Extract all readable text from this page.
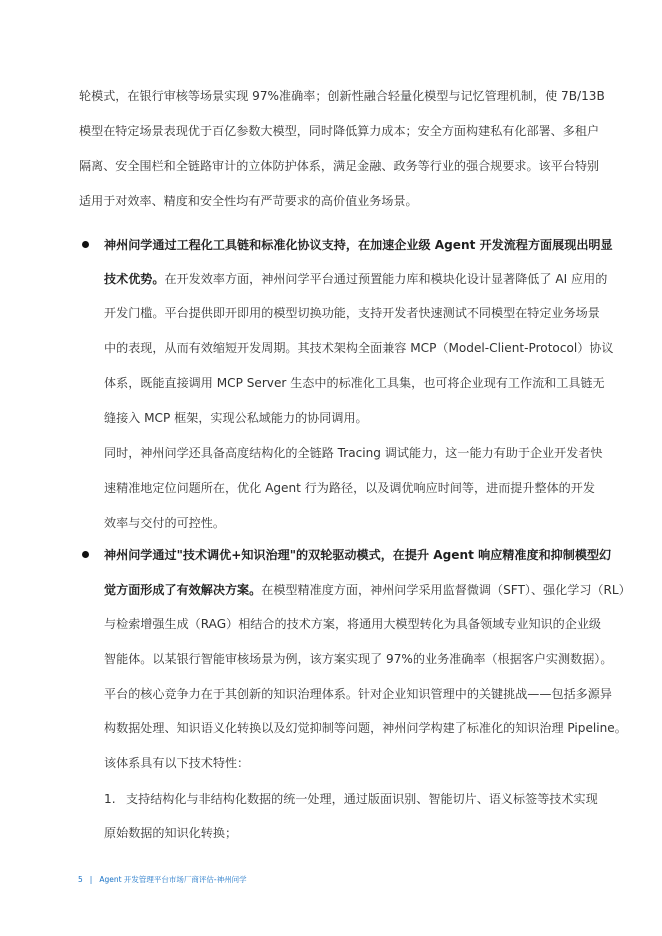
轮模式，在银行审核等场景实现 97%准确率；创新性融合轻量化模型与记忆管理机制，使 7B/13B
模型在特定场景表现优于百亿参数大模型，同时降低算力成本；安全方面构建私有化部署、多租户
隔离、安全围栏和全链路审计的立体防护体系，满足金融、政务等行业的强合规要求。该平台特别
适用于对效率、精度和安全性均有严苛要求的高价值业务场景。
神州问学通过工程化工具链和标准化协议支持，在加速企业级 Agent 开发流程方面展现出明显
技术优势。在开发效率方面，神州问学平台通过预置能力库和模块化设计显著降低了 AI 应用的
开发门槛。平台提供即开即用的模型切换功能，支持开发者快速测试不同模型在特定业务场景
中的表现，从而有效缩短开发周期。其技术架构全面兼容 MCP（Model-Client-Protocol）协议
体系，既能直接调用 MCP Server 生态中的标准化工具集，也可将企业现有工作流和工具链无
缝接入 MCP 框架，实现公私域能力的协同调用。
同时，神州问学还具备高度结构化的全链路 Tracing 调试能力，这一能力有助于企业开发者快
速精准地定位问题所在，优化 Agent 行为路径，以及调优响应时间等，进而提升整体的开发
效率与交付的可控性。
神州问学通过"技术调优+知识治理"的双轮驱动模式，在提升 Agent 响应精准度和抑制模型幻
觉方面形成了有效解决方案。在模型精准度方面，神州问学采用监督微调（SFT）、强化学习（RL）
与检索增强生成（RAG）相结合的技术方案，将通用大模型转化为具备领域专业知识的企业级
智能体。以某银行智能审核场景为例，该方案实现了 97%的业务准确率（根据客户实测数据）。
平台的核心竞争力在于其创新的知识治理体系。针对企业知识管理中的关键挑战——包括多源异
构数据处理、知识语义化转换以及幻觉抑制等问题，神州问学构建了标准化的知识治理 Pipeline。
该体系具有以下技术特性：
1. 支持结构化与非结构化数据的统一处理，通过版面识别、智能切片、语义标签等技术实现
原始数据的知识化转换；
5 | Agent 开发管理平台市场厂商评估-神州问学
